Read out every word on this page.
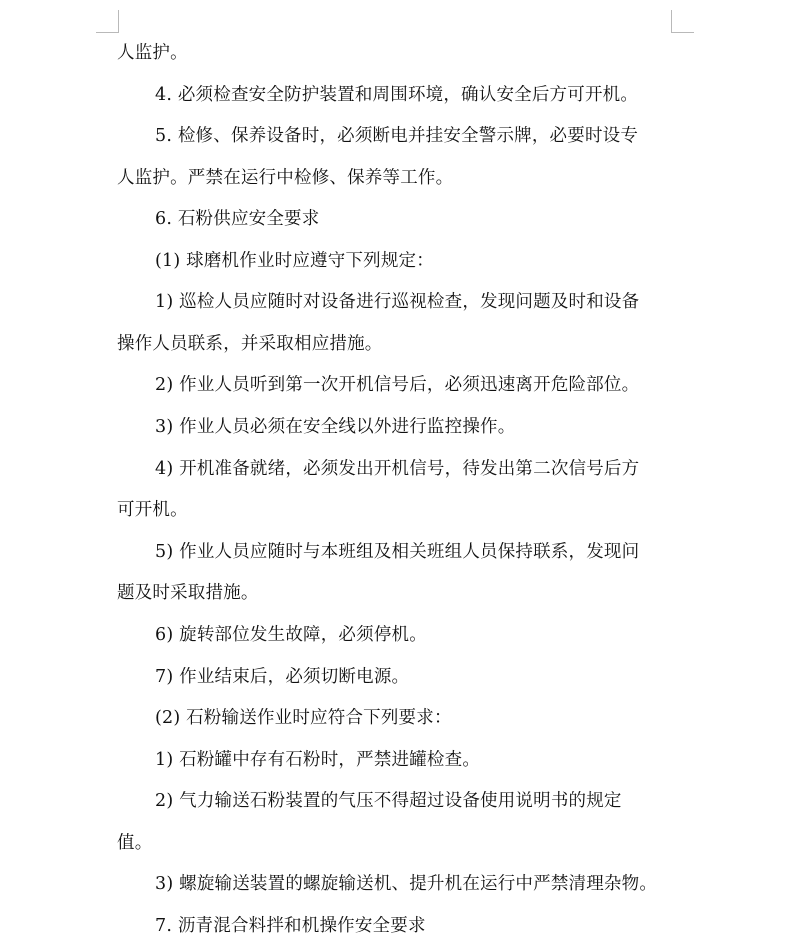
人监护。

4. 必须检查安全防护装置和周围环境，确认安全后方可开机。

5. 检修、保养设备时，必须断电并挂安全警示牌，必要时设专

人监护。严禁在运行中检修、保养等工作。

6. 石粉供应安全要求

(1) 球磨机作业时应遵守下列规定：

1) 巡检人员应随时对设备进行巡视检查，发现问题及时和设备

操作人员联系，并采取相应措施。

2) 作业人员听到第一次开机信号后，必须迅速离开危险部位。

3) 作业人员必须在安全线以外进行监控操作。

4) 开机准备就绪，必须发出开机信号，待发出第二次信号后方

可开机。

5) 作业人员应随时与本班组及相关班组人员保持联系，发现问

题及时采取措施。

6) 旋转部位发生故障，必须停机。

7) 作业结束后，必须切断电源。

(2) 石粉输送作业时应符合下列要求：

1) 石粉罐中存有石粉时，严禁进罐检查。

2) 气力输送石粉装置的气压不得超过设备使用说明书的规定

值。

3) 螺旋输送装置的螺旋输送机、提升机在运行中严禁清理杂物。

7. 沥青混合料拌和机操作安全要求
